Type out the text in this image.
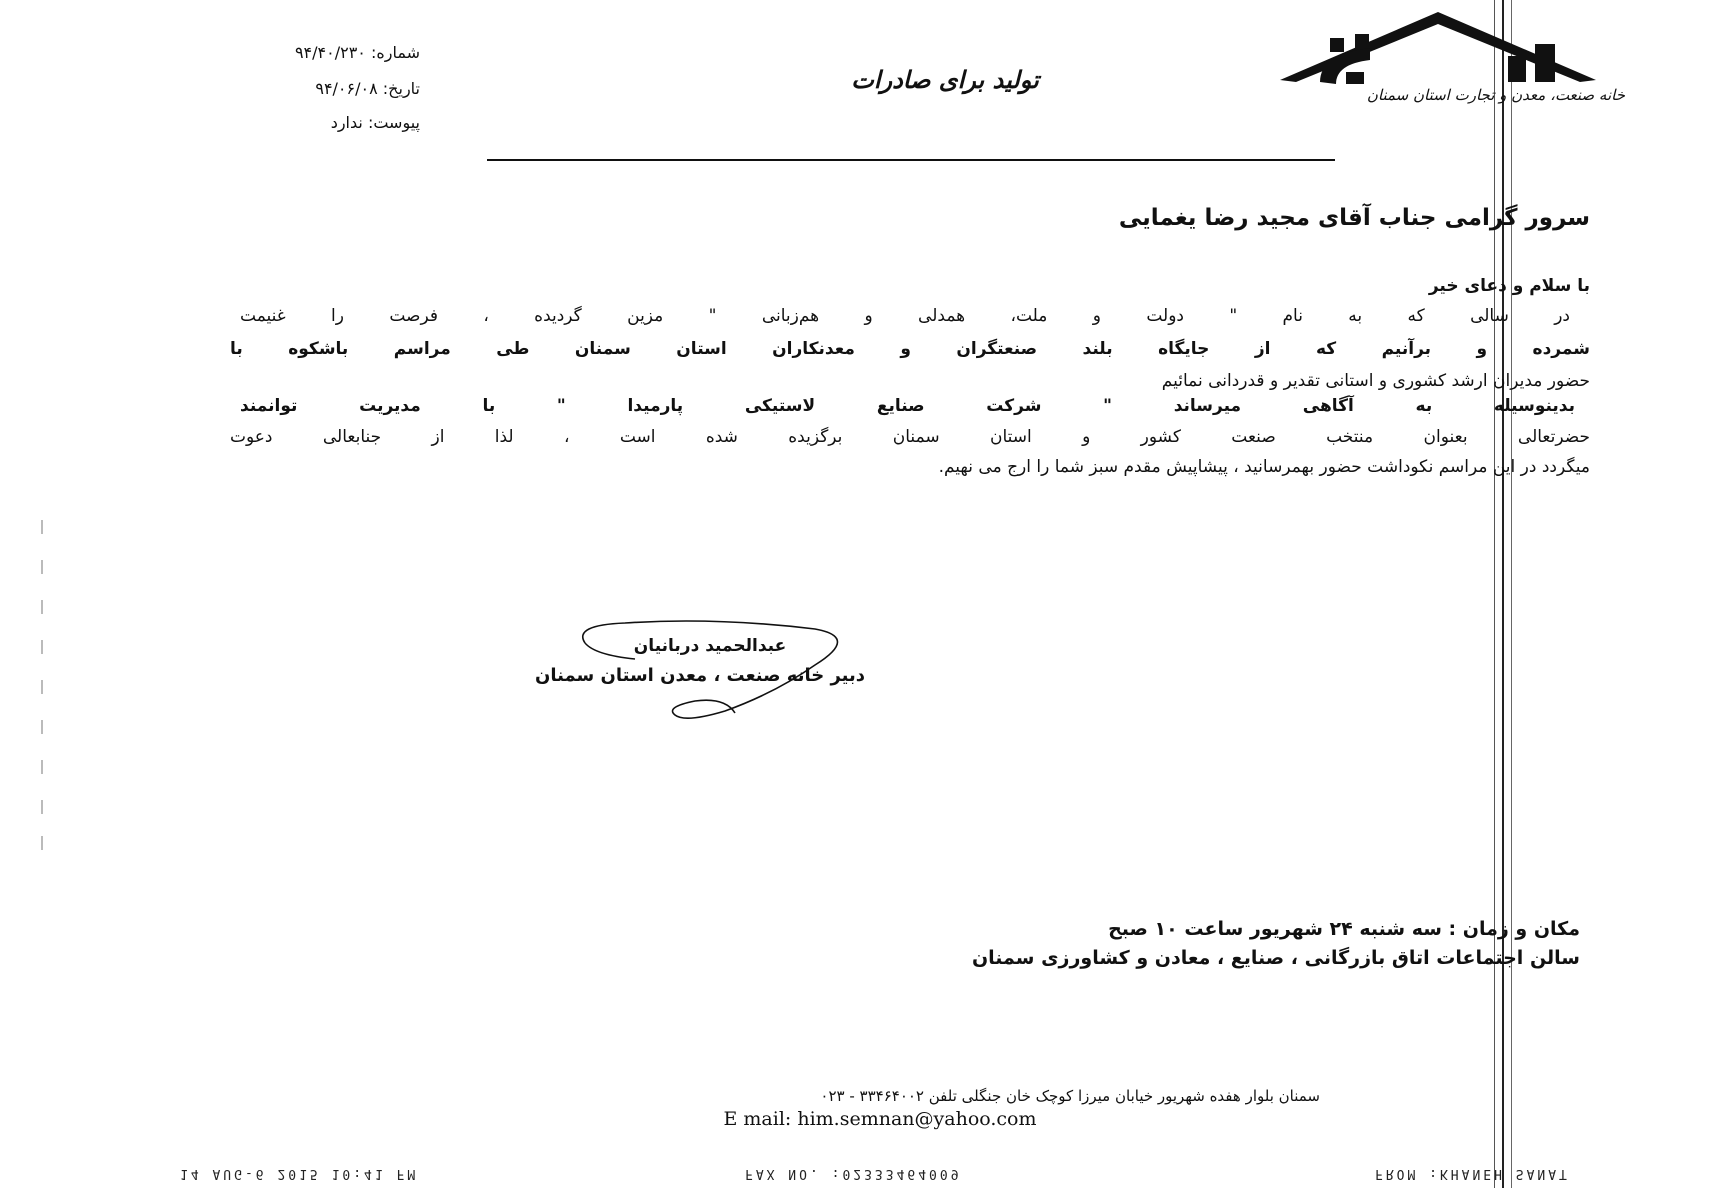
خانه صنعت، معدن و تجارت استان سمنان
تولید برای صادرات
شماره: ۹۴/۴۰/۲۳۰
تاریخ: ۹۴/۰۶/۰۸
پیوست: ندارد
سرور گرامی جناب آقای مجید رضا یغمایی
با سلام و دعای خیر
در سالی که به نام " دولت و ملت، همدلی و هم‌زبانی " مزین گردیده ، فرصت را غنیمت
شمرده و برآنیم که از جایگاه بلند صنعتگران و معدنکاران استان سمنان طی مراسم باشکوه با
حضور مدیران ارشد کشوری و استانی تقدیر و قدردانی نمائیم
بدینوسیله به آگاهی میرساند " شرکت صنایع لاستیکی پارمیدا " با مدیریت توانمند
حضرتعالی بعنوان منتخب صنعت کشور و استان سمنان برگزیده شده است ، لذا از جنابعالی دعوت
میگردد در این مراسم نکوداشت حضور بهمرسانید ، پیشاپیش مقدم سبز شما را ارج می نهیم.
عبدالحمید دربانیان
دبیر خانه صنعت ، معدن استان سمنان
مکان و زمان : سه شنبه ۲۴ شهریور ساعت ۱۰ صبح
سالن اجتماعات اتاق بازرگانی ، صنایع ، معادن و کشاورزی سمنان
سمنان بلوار هفده شهریور خیابان میرزا کوچک خان جنگلی تلفن ۳۳۴۶۴۰۰۲ - ۰۲۳
E mail: him.semnan@yahoo.com
14 AUG-6 2015 10:41 FM	FAX NO. :02333464009	FROM :KHANEH SANAT
